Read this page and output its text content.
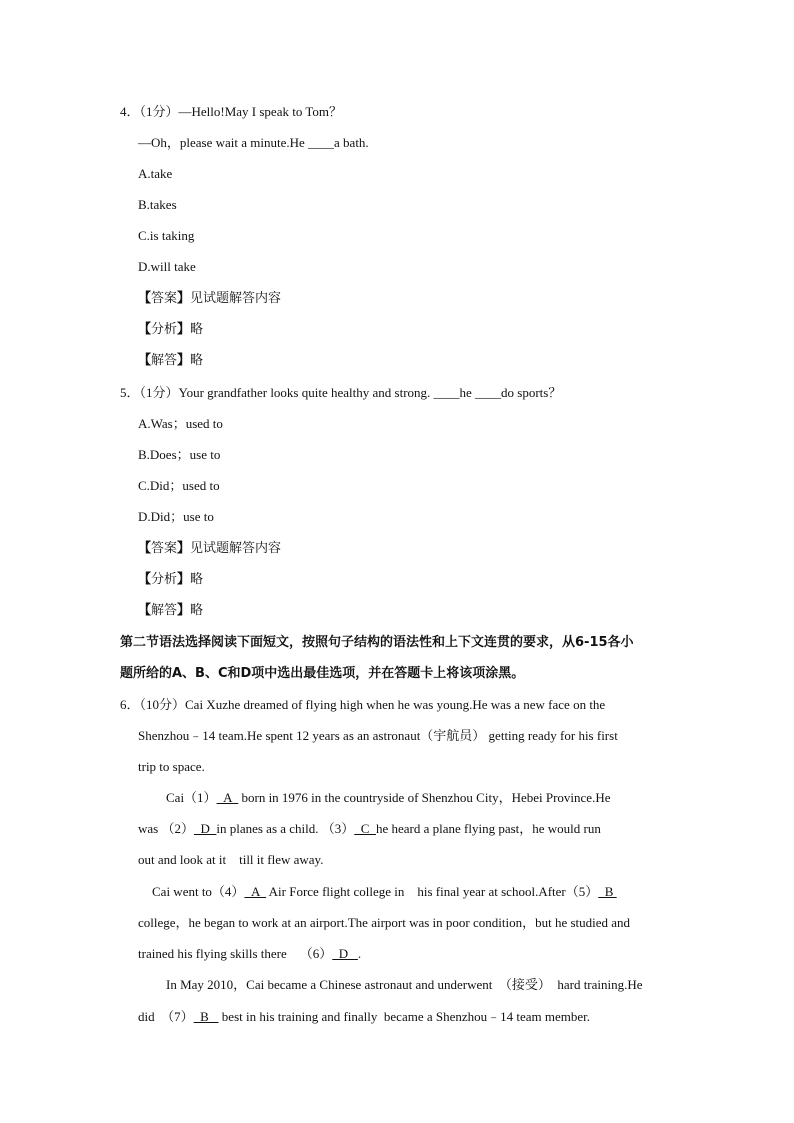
4．（1分）—Hello!May I speak to Tom？
—Oh，please wait a minute.He ____a bath.
A.take
B.takes
C.is taking
D.will take
【答案】见试题解答内容
【分析】略
【解答】略
5．（1分）Your grandfather looks quite healthy and strong. ____he ____do sports？
A.Was；used to
B.Does；use to
C.Did；used to
D.Did；use to
【答案】见试题解答内容
【分析】略
【解答】略
第二节语法选择阅读下面短文，按照句子结构的语法性和上下文连贯的要求，从6-15各小
题所给的A、B、C和D项中选出最佳选项，并在答题卡上将该项涂黑。
6．（10分）Cai Xuzhe dreamed of flying high when he was young.He was a new face on the
Shenzhou﹣14 team.He spent 12 years as an astronaut（宇航员） getting ready for his first
trip to space.
Cai（1）  A   born in 1976 in the countryside of Shenzhou City，Hebei Province.He
was （2）  D  in planes as a child. （3）  C  he heard a plane flying past，he would run
out and look at it    till it flew away.
Cai went to（4）  A   Air Force flight college in    his final year at school.After（5）  B
college，he began to work at an airport.The airport was in poor condition，but he studied and
trained his flying skills there    （6）  D   .
In May 2010，Cai became a Chinese astronaut and underwent  （接受）  hard training.He
did  （7）  B    best in his training and finally  became a Shenzhou﹣14 team member.
